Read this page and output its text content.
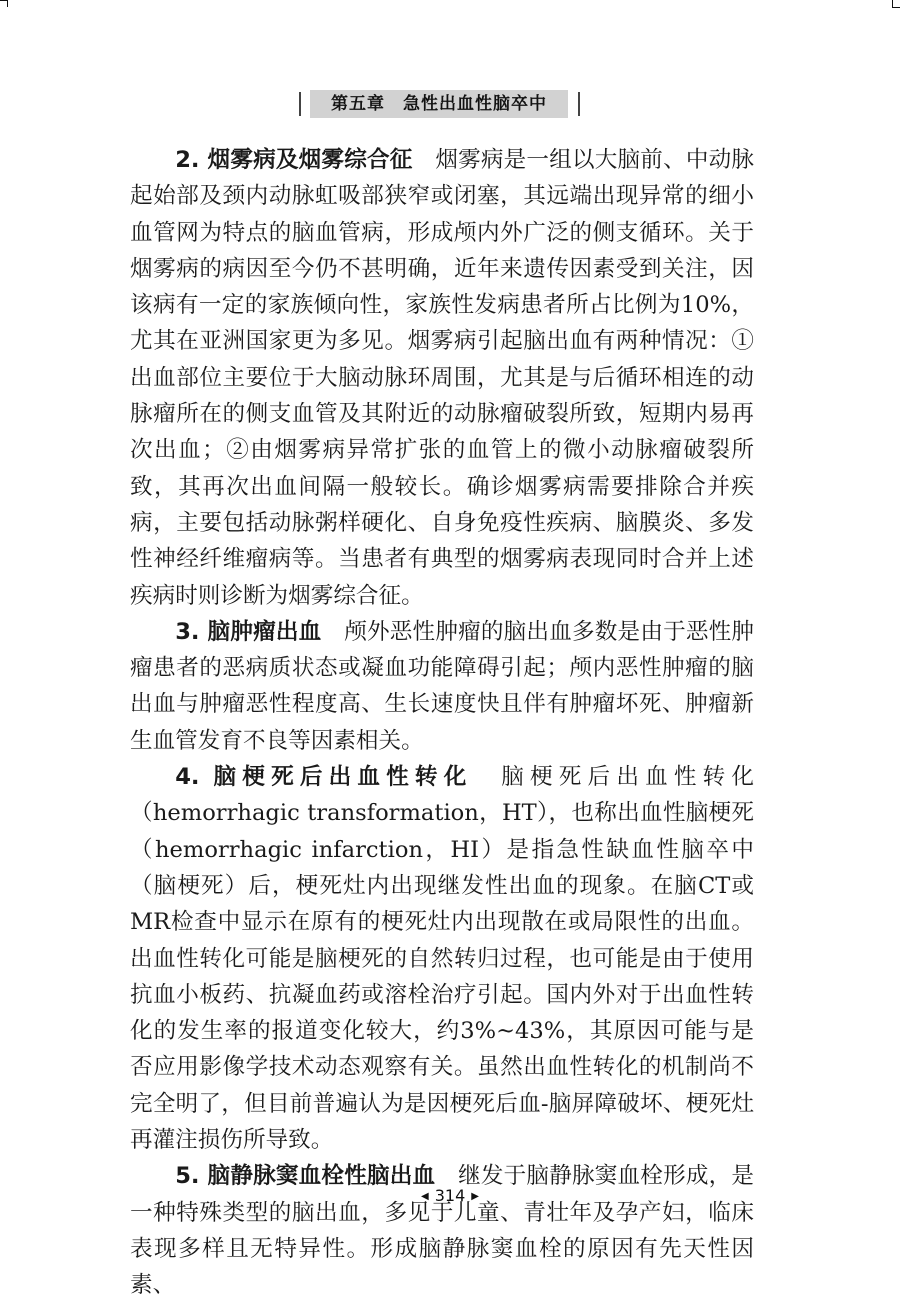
第五章　急性出血性脑卒中

2. 烟雾病及烟雾综合征　 烟雾病是一组以大脑前、中动脉起始部及颈内动脉虹吸部狭窄或闭塞，其远端出现异常的细小血管网为特点的脑血管病，形成颅内外广泛的侧支循环。关于烟雾病的病因至今仍不甚明确，近年来遗传因素受到关注，因该病有一定的家族倾向性，家族性发病患者所占比例为10%，尤其在亚洲国家更为多见。烟雾病引起脑出血有两种情况：①出血部位主要位于大脑动脉环周围，尤其是与后循环相连的动脉瘤所在的侧支血管及其附近的动脉瘤破裂所致，短期内易再次出血；②由烟雾病异常扩张的血管上的微小动脉瘤破裂所致，其再次出血间隔一般较长。确诊烟雾病需要排除合并疾病，主要包括动脉粥样硬化、自身免疫性疾病、脑膜炎、多发性神经纤维瘤病等。当患者有典型的烟雾病表现同时合并上述疾病时则诊断为烟雾综合征。

3. 脑肿瘤出血　 颅外恶性肿瘤的脑出血多数是由于恶性肿瘤患者的恶病质状态或凝血功能障碍引起；颅内恶性肿瘤的脑出血与肿瘤恶性程度高、生长速度快且伴有肿瘤坏死、肿瘤新生血管发育不良等因素相关。

4. 脑梗死后出血性转化　 脑梗死后出血性转化（hemorrhagic transformation，HT），也称出血性脑梗死（hemorrhagic infarction，HI）是指急性缺血性脑卒中（脑梗死）后，梗死灶内出现继发性出血的现象。在脑CT或MR检查中显示在原有的梗死灶内出现散在或局限性的出血。出血性转化可能是脑梗死的自然转归过程，也可能是由于使用抗血小板药、抗凝血药或溶栓治疗引起。国内外对于出血性转化的发生率的报道变化较大，约3%~43%，其原因可能与是否应用影像学技术动态观察有关。虽然出血性转化的机制尚不完全明了，但目前普遍认为是因梗死后血-脑屏障破坏、梗死灶再灌注损伤所导致。

5. 脑静脉窦血栓性脑出血　 继发于脑静脉窦血栓形成，是一种特殊类型的脑出血，多见于儿童、青壮年及孕产妇，临床表现多样且无特异性。形成脑静脉窦血栓的原因有先天性因素、

◀ 314 ▶
